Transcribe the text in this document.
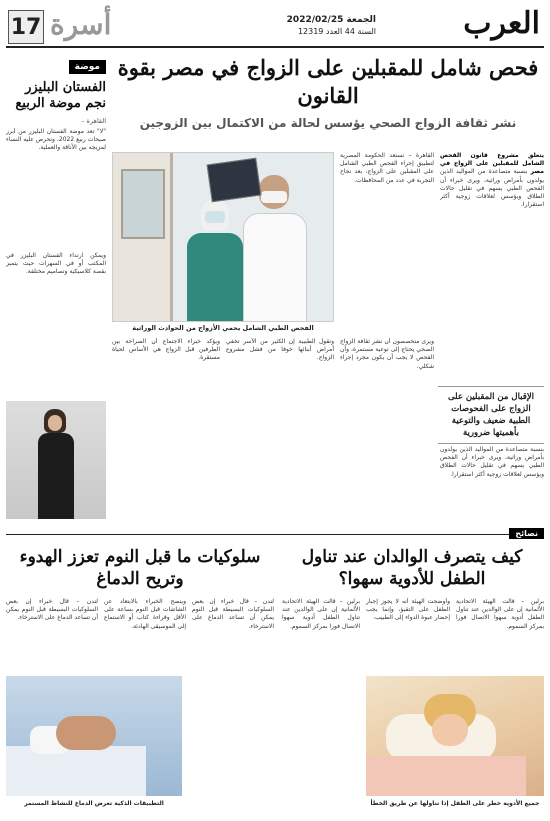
17 أسرة	الجمعة 2022/02/25
السنة 44 العدد 12319	العرب
موضة
الفستان البليزر نجم موضة الربيع
القاهرة –
"لا" تعد موضة الفستان البليزر من أبرز صيحات ربيع 2022، وتحرص عليه النساء لمزيجه بين الأناقة والعملية.
ويمكن ارتداء الفستان البليزر في المكتب أو في السهرات حيث يتميز بقصة كلاسيكية وتصاميم مختلفة.
فحص شامل للمقبلين على الزواج في مصر بقوة القانون
نشر ثقافة الزواج الصحي يؤسس لحالة من الاكتمال بين الزوجين
الفحص الطبي الشامل يحمي الأزواج من الحوادث الوراثية
يتعلق مشروع قانون الفحص الشامل للمقبلين على الزواج في مصر بنسبة متصاعدة من المواليد الذين يولدون بأمراض وراثية، ويرى خبراء أن الفحص الطبي يسهم في تقليل حالات الطلاق ويؤسس لعلاقات زوجية أكثر استقرارا.
القاهرة – تستعد الحكومة المصرية لتطبيق إجراء الفحص الطبي الشامل على المقبلين على الزواج، بعد نجاح التجربة في عدد من المحافظات.
ويرى متخصصون أن نشر ثقافة الزواج الصحي يحتاج إلى توعية مستمرة، وأن الفحص لا يجب أن يكون مجرد إجراء شكلي.
وتقول الطبيبة إن الكثير من الأسر تخفي أمراض أبنائها خوفا من فشل مشروع الزواج.
ويؤكد خبراء الاجتماع أن الصراحة بين الطرفين قبل الزواج هي الأساس لحياة مستقرة.
الإقبال من المقبلين على الزواج على الفحوصات الطبية ضعيف والتوعية بأهميتها ضرورية
بنسبة متصاعدة من المواليد الذين يولدون بأمراض وراثية، ويرى خبراء أن الفحص الطبي يسهم في تقليل حالات الطلاق ويؤسس لعلاقات زوجية أكثر استقرارا.
نصائح
كيف يتصرف الوالدان عند تناول الطفل للأدوية سهوا؟
برلين – قالت الهيئة الاتحادية الألمانية إن على الوالدين عند تناول الطفل أدوية سهوا الاتصال فورا بمركز السموم.
وأوضحت الهيئة أنه لا يجوز إجبار الطفل على التقيؤ، وإنما يجب إحضار عبوة الدواء إلى الطبيب.
برلين – قالت الهيئة الاتحادية الألمانية إن على الوالدين عند تناول الطفل أدوية سهوا الاتصال فورا بمركز السموم.
جميع الأدوية خطر على الطفل إذا تناولها عن طريق الخطأ
سلوكيات ما قبل النوم تعزز الهدوء وتريح الدماغ
لندن – قال خبراء إن بعض السلوكيات البسيطة قبل النوم يمكن أن تساعد الدماغ على الاسترخاء.
وينصح الخبراء بالابتعاد عن الشاشات قبل النوم بساعة على الأقل وقراءة كتاب أو الاستماع إلى الموسيقى الهادئة.
لندن – قال خبراء إن بعض السلوكيات البسيطة قبل النوم يمكن أن تساعد الدماغ على الاسترخاء.
التطبيقات الذكية تعرض الدماغ للنشاط المستمر
